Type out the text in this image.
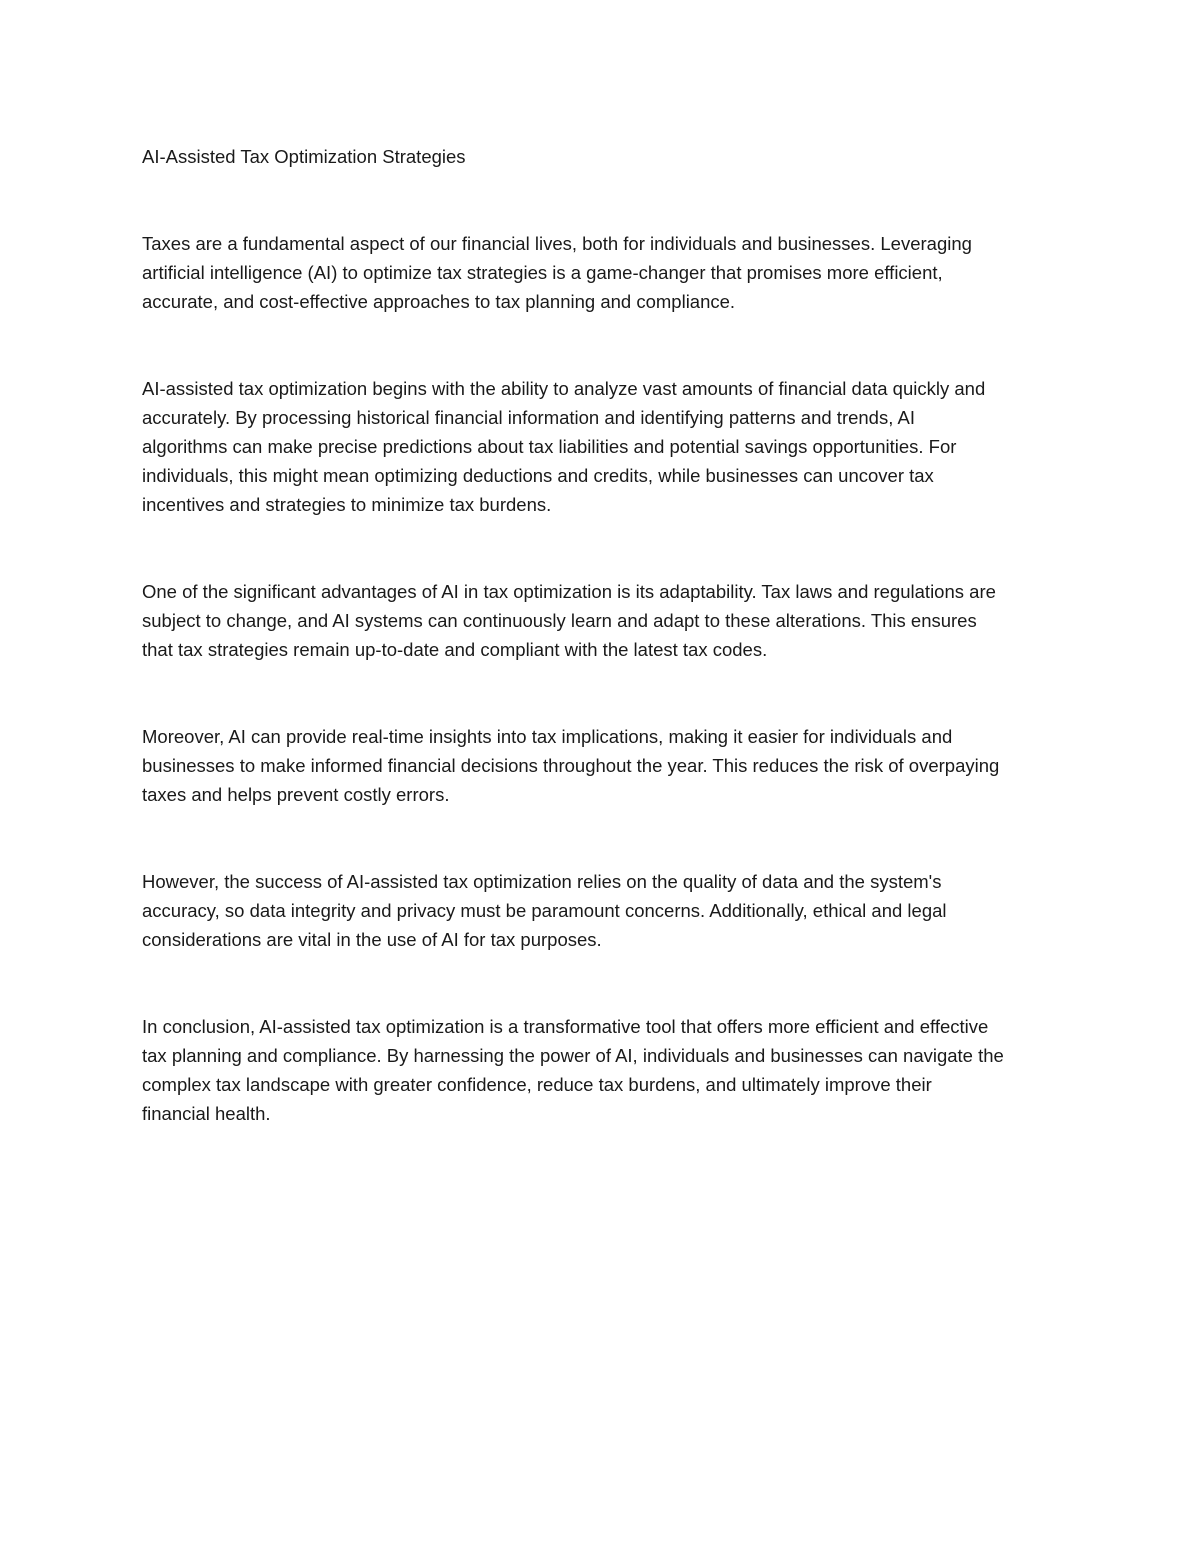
AI-Assisted Tax Optimization Strategies
Taxes are a fundamental aspect of our financial lives, both for individuals and businesses. Leveraging
artificial intelligence (AI) to optimize tax strategies is a game-changer that promises more efficient,
accurate, and cost-effective approaches to tax planning and compliance.
AI-assisted tax optimization begins with the ability to analyze vast amounts of financial data quickly and
accurately. By processing historical financial information and identifying patterns and trends, AI
algorithms can make precise predictions about tax liabilities and potential savings opportunities. For
individuals, this might mean optimizing deductions and credits, while businesses can uncover tax
incentives and strategies to minimize tax burdens.
One of the significant advantages of AI in tax optimization is its adaptability. Tax laws and regulations are
subject to change, and AI systems can continuously learn and adapt to these alterations. This ensures
that tax strategies remain up-to-date and compliant with the latest tax codes.
Moreover, AI can provide real-time insights into tax implications, making it easier for individuals and
businesses to make informed financial decisions throughout the year. This reduces the risk of overpaying
taxes and helps prevent costly errors.
However, the success of AI-assisted tax optimization relies on the quality of data and the system's
accuracy, so data integrity and privacy must be paramount concerns. Additionally, ethical and legal
considerations are vital in the use of AI for tax purposes.
In conclusion, AI-assisted tax optimization is a transformative tool that offers more efficient and effective
tax planning and compliance. By harnessing the power of AI, individuals and businesses can navigate the
complex tax landscape with greater confidence, reduce tax burdens, and ultimately improve their
financial health.
